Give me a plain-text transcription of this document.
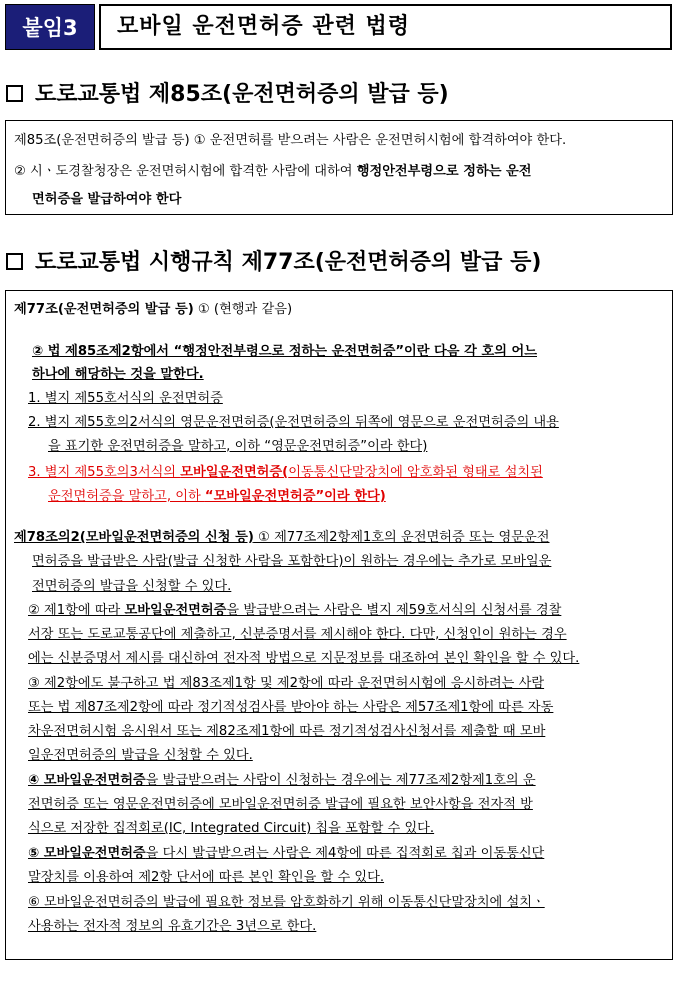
붙임3	모바일 운전면허증 관련 법령
도로교통법 제85조(운전면허증의 발급 등)
제85조(운전면허증의 발급 등) ① 운전면허를 받으려는 사람은 운전면허시험에 합격하여야 한다.
② 시ㆍ도경찰청장은 운전면허시험에 합격한 사람에 대하여 행정안전부령으로 정하는 운전
면허증을 발급하여야 한다
도로교통법 시행규칙 제77조(운전면허증의 발급 등)
제77조(운전면허증의 발급 등) ① (현행과 같음)
② 법 제85조제2항에서 “행정안전부령으로 정하는 운전면허증”이란 다음 각 호의 어느
하나에 해당하는 것을 말한다.
1. 별지 제55호서식의 운전면허증
2. 별지 제55호의2서식의 영문운전면허증(운전면허증의 뒤쪽에 영문으로 운전면허증의 내용
을 표기한 운전면허증을 말하고, 이하 “영문운전면허증”이라 한다)
3. 별지 제55호의3서식의 모바일운전면허증(이동통신단말장치에 암호화된 형태로 설치된
운전면허증을 말하고, 이하 “모바일운전면허증”이라 한다)
제78조의2(모바일운전면허증의 신청 등) ① 제77조제2항제1호의 운전면허증 또는 영문운전
면허증을 발급받은 사람(발급 신청한 사람을 포함한다)이 원하는 경우에는 추가로 모바일운
전면허증의 발급을 신청할 수 있다.
② 제1항에 따라 모바일운전면허증을 발급받으려는 사람은 별지 제59호서식의 신청서를 경찰
서장 또는 도로교통공단에 제출하고, 신분증명서를 제시해야 한다. 다만, 신청인이 원하는 경우
에는 신분증명서 제시를 대신하여 전자적 방법으로 지문정보를 대조하여 본인 확인을 할 수 있다.
③ 제2항에도 불구하고 법 제83조제1항 및 제2항에 따라 운전면허시험에 응시하려는 사람
또는 법 제87조제2항에 따라 정기적성검사를 받아야 하는 사람은 제57조제1항에 따른 자동
차운전면허시험 응시원서 또는 제82조제1항에 따른 정기적성검사신청서를 제출할 때 모바
일운전면허증의 발급을 신청할 수 있다.
④ 모바일운전면허증을 발급받으려는 사람이 신청하는 경우에는 제77조제2항제1호의 운
전면허증 또는 영문운전면허증에 모바일운전면허증 발급에 필요한 보안사항을 전자적 방
식으로 저장한 집적회로(IC, Integrated Circuit) 칩을 포함할 수 있다.
⑤ 모바일운전면허증을 다시 발급받으려는 사람은 제4항에 따른 집적회로 칩과 이동통신단
말장치를 이용하여 제2항 단서에 따른 본인 확인을 할 수 있다.
⑥ 모바일운전면허증의 발급에 필요한 정보를 암호화하기 위해 이동통신단말장치에 설치ㆍ
사용하는 전자적 정보의 유효기간은 3년으로 한다.
